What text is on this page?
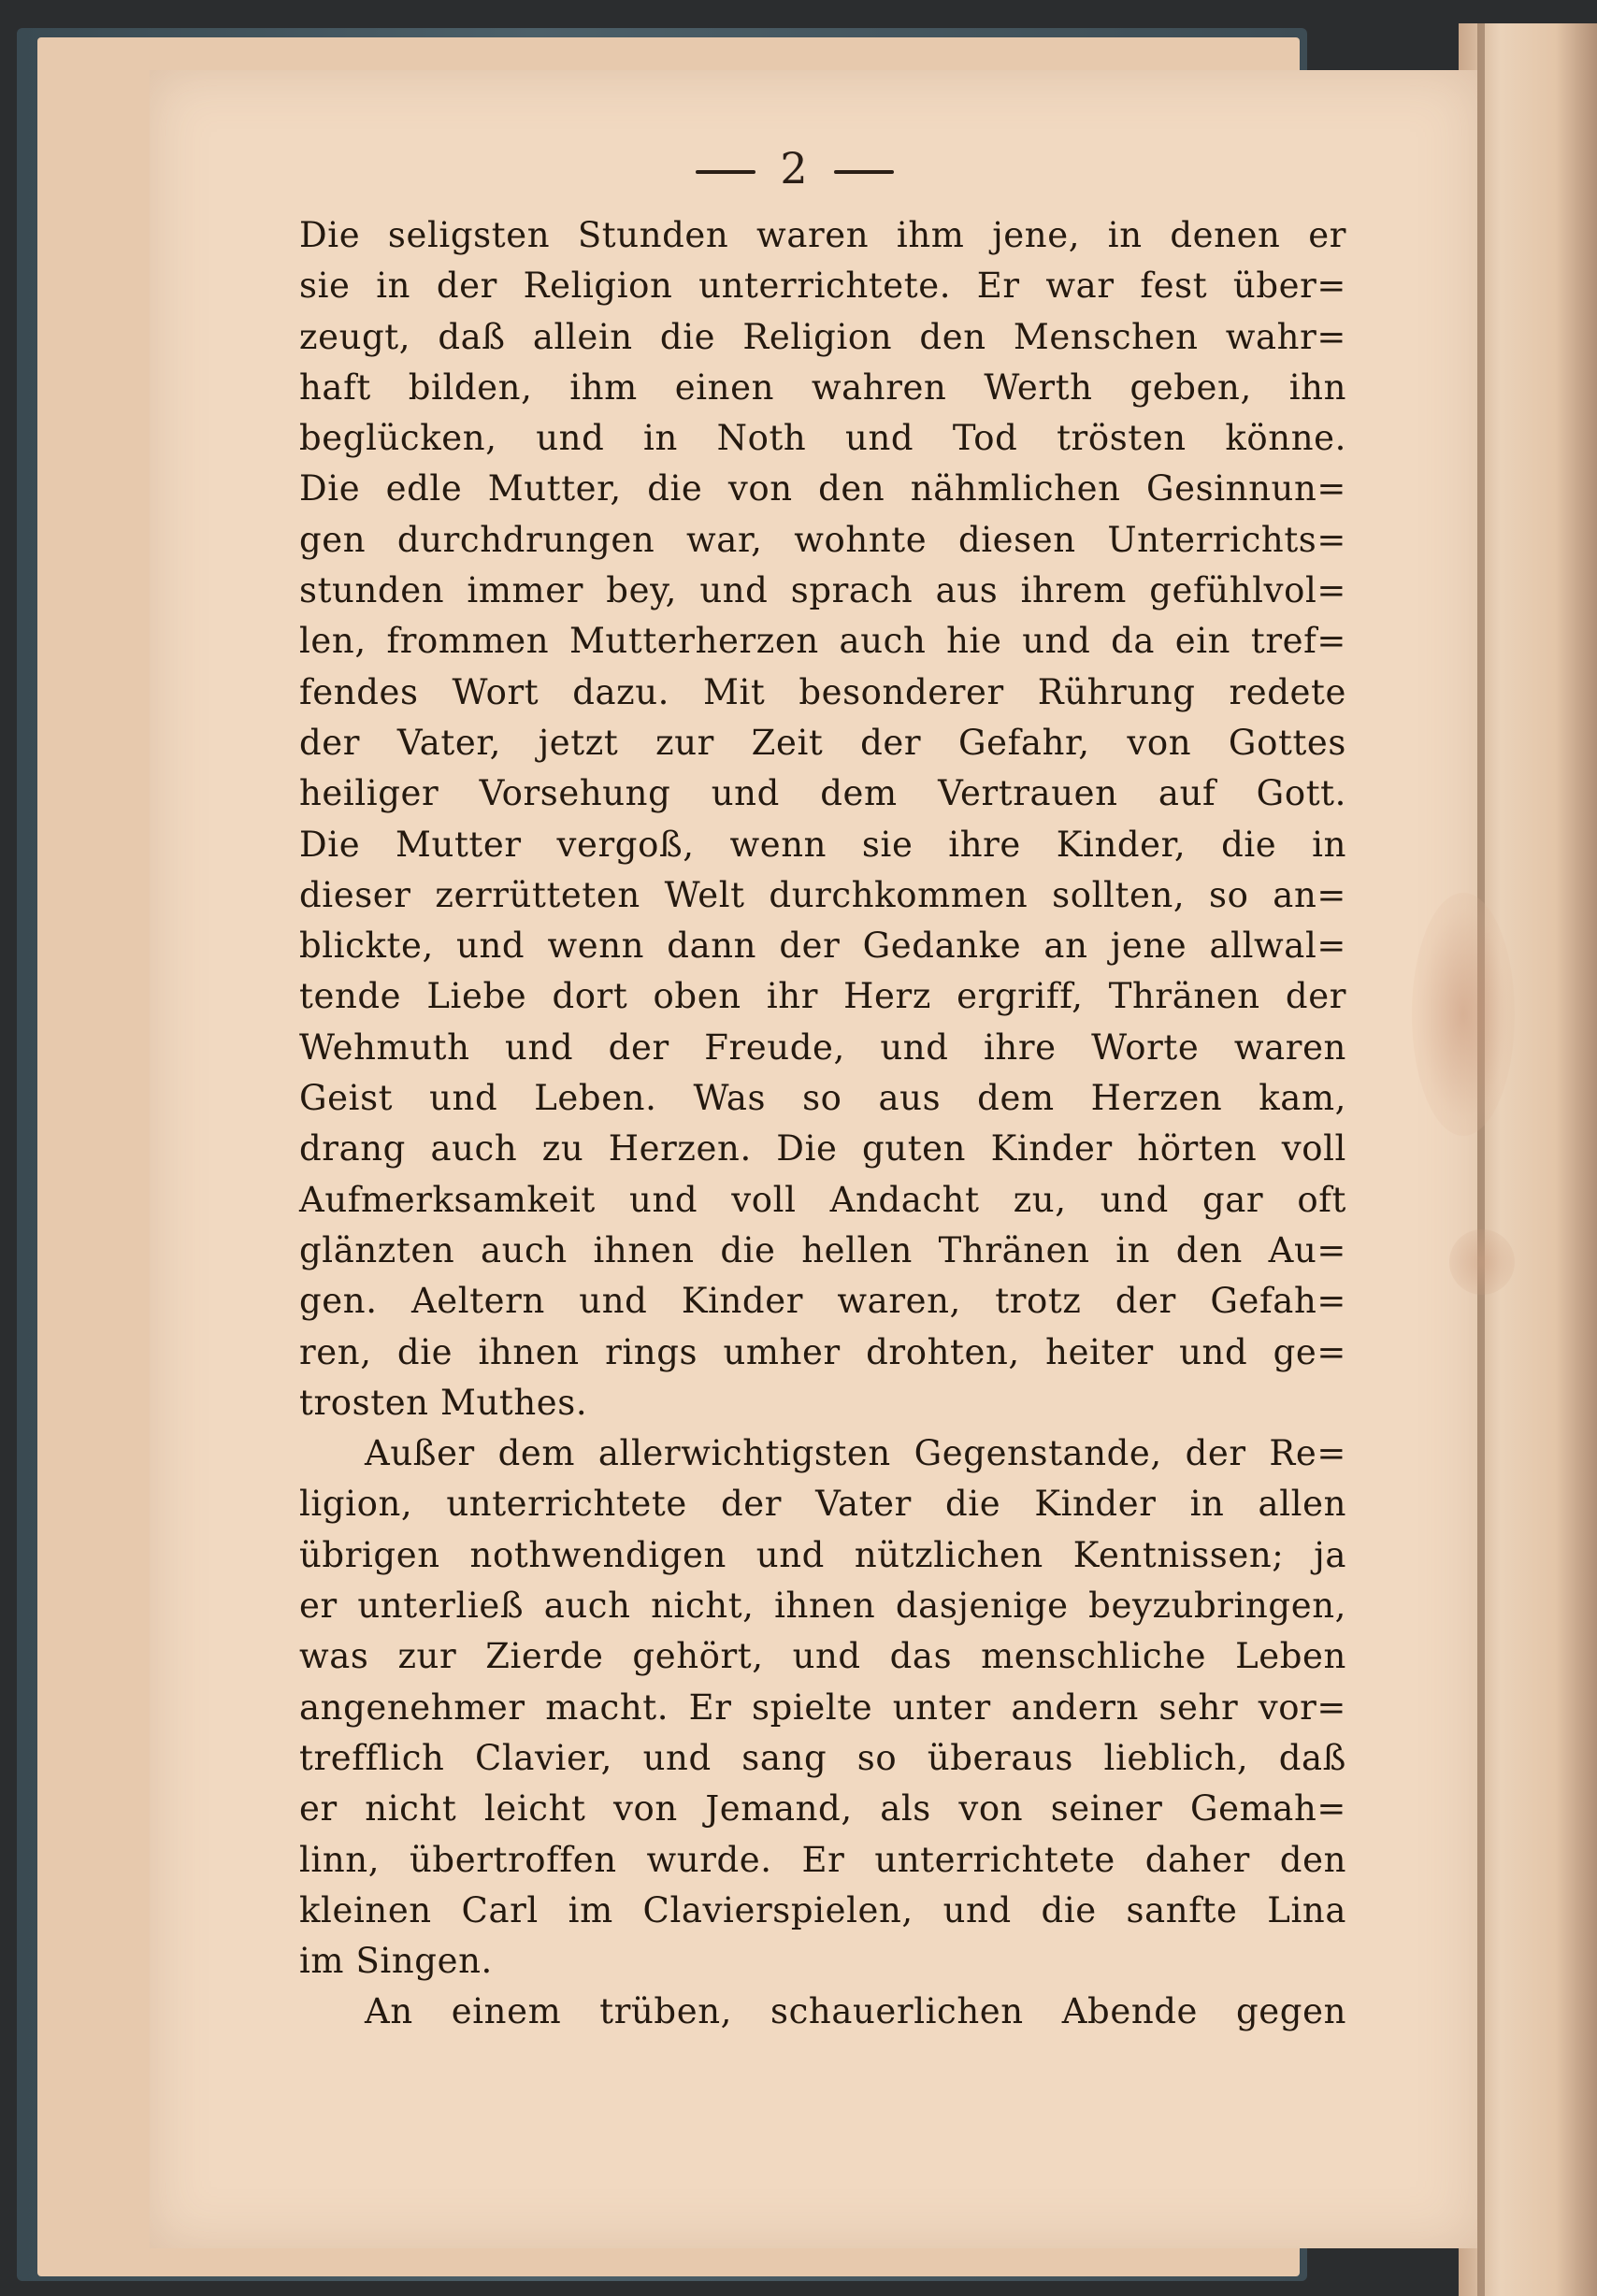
2
Die seligsten Stunden waren ihm jene, in denen er
sie in der Religion unterrichtete. Er war fest über=
zeugt, daß allein die Religion den Menschen wahr=
haft bilden, ihm einen wahren Werth geben, ihn
beglücken, und in Noth und Tod trösten könne.
Die edle Mutter, die von den nähmlichen Gesinnun=
gen durchdrungen war, wohnte diesen Unterrichts=
stunden immer bey, und sprach aus ihrem gefühlvol=
len, frommen Mutterherzen auch hie und da ein tref=
fendes Wort dazu. Mit besonderer Rührung redete
der Vater, jetzt zur Zeit der Gefahr, von Gottes
heiliger Vorsehung und dem Vertrauen auf Gott.
Die Mutter vergoß, wenn sie ihre Kinder, die in
dieser zerrütteten Welt durchkommen sollten, so an=
blickte, und wenn dann der Gedanke an jene allwal=
tende Liebe dort oben ihr Herz ergriff, Thränen der
Wehmuth und der Freude, und ihre Worte waren
Geist und Leben. Was so aus dem Herzen kam,
drang auch zu Herzen. Die guten Kinder hörten voll
Aufmerksamkeit und voll Andacht zu, und gar oft
glänzten auch ihnen die hellen Thränen in den Au=
gen. Aeltern und Kinder waren, trotz der Gefah=
ren, die ihnen rings umher drohten, heiter und ge=
trosten Muthes.
Außer dem allerwichtigsten Gegenstande, der Re=
ligion, unterrichtete der Vater die Kinder in allen
übrigen nothwendigen und nützlichen Kentnissen; ja
er unterließ auch nicht, ihnen dasjenige beyzubringen,
was zur Zierde gehört, und das menschliche Leben
angenehmer macht. Er spielte unter andern sehr vor=
trefflich Clavier, und sang so überaus lieblich, daß
er nicht leicht von Jemand, als von seiner Gemah=
linn, übertroffen wurde. Er unterrichtete daher den
kleinen Carl im Clavierspielen, und die sanfte Lina
im Singen.
An einem trüben, schauerlichen Abende gegen
